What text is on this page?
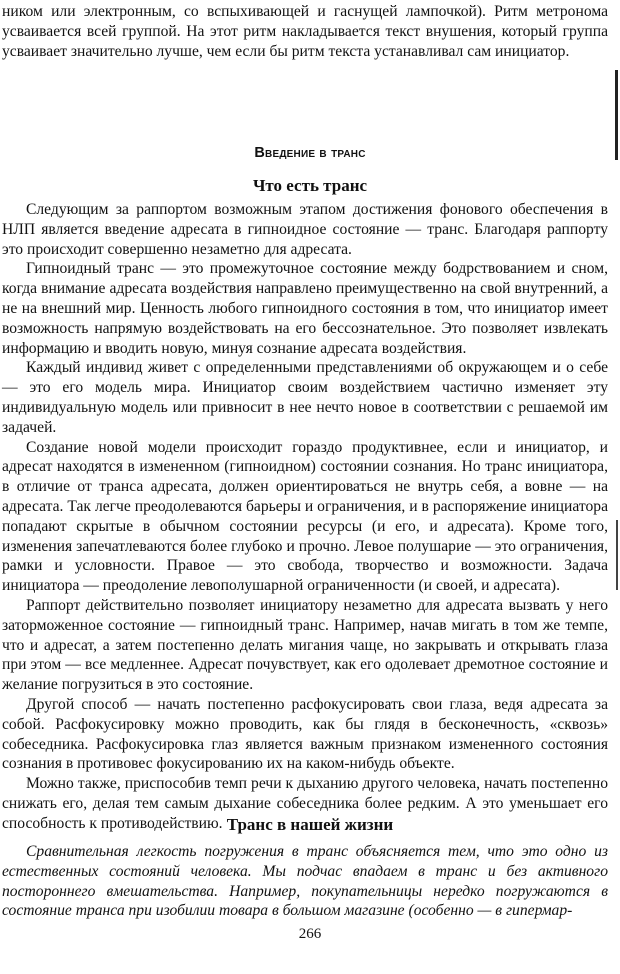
ником или электронным, со вспыхивающей и гаснущей лампочкой). Ритм метронома усваивается всей группой. На этот ритм накладывается текст внушения, который группа усваивает значительно лучше, чем если бы ритм текста устанавливал сам инициатор.

Введение в транс
Что есть транс

Следующим за раппортом возможным этапом достижения фонового обеспечения в НЛП является введение адресата в гипноидное состояние — транс. Благодаря раппорту это происходит совершенно незаметно для адресата.

Гипноидный транс — это промежуточное состояние между бодрствованием и сном, когда внимание адресата воздействия направлено преимущественно на свой внутренний, а не на внешний мир. Ценность любого гипноидного состояния в том, что инициатор имеет возможность напрямую воздействовать на его бессознательное. Это позволяет извлекать информацию и вводить новую, минуя сознание адресата воздействия.

Каждый индивид живет с определенными представлениями об окружающем и о себе — это его модель мира. Инициатор своим воздействием частично изменяет эту индивидуальную модель или привносит в нее нечто новое в соответствии с решаемой им задачей.

Создание новой модели происходит гораздо продуктивнее, если и инициатор, и адресат находятся в измененном (гипноидном) состоянии сознания. Но транс инициатора, в отличие от транса адресата, должен ориентироваться не внутрь себя, а вовне — на адресата. Так легче преодолеваются барьеры и ограничения, и в распоряжение инициатора попадают скрытые в обычном состоянии ресурсы (и его, и адресата). Кроме того, изменения запечатлеваются более глубоко и прочно. Левое полушарие — это ограничения, рамки и условности. Правое — это свобода, творчество и возможности. Задача инициатора — преодоление левополушарной ограниченности (и своей, и адресата).

Раппорт действительно позволяет инициатору незаметно для адресата вызвать у него заторможенное состояние — гипноидный транс. Например, начав мигать в том же темпе, что и адресат, а затем постепенно делать мигания чаще, но закрывать и открывать глаза при этом — все медленнее. Адресат почувствует, как его одолевает дремотное состояние и желание погрузиться в это состояние.

Другой способ — начать постепенно расфокусировать свои глаза, ведя адресата за собой. Расфокусировку можно проводить, как бы глядя в бесконечность, «сквозь» собеседника. Расфокусировка глаз является важным признаком измененного состояния сознания в противовес фокусированию их на каком-нибудь объекте.

Можно также, приспособив темп речи к дыханию другого человека, начать постепенно снижать его, делая тем самым дыхание собеседника более редким. А это уменьшает его способность к противодействию. Транс в нашей жизни

Сравнительная легкость погружения в транс объясняется тем, что это одно из естественных состояний человека. Мы подчас впадаем в транс и без активного постороннего вмешательства. Например, покупательницы нередко погружаются в состояние транса при изобилии товара в большом магазине (особенно — в гипермар-

266
